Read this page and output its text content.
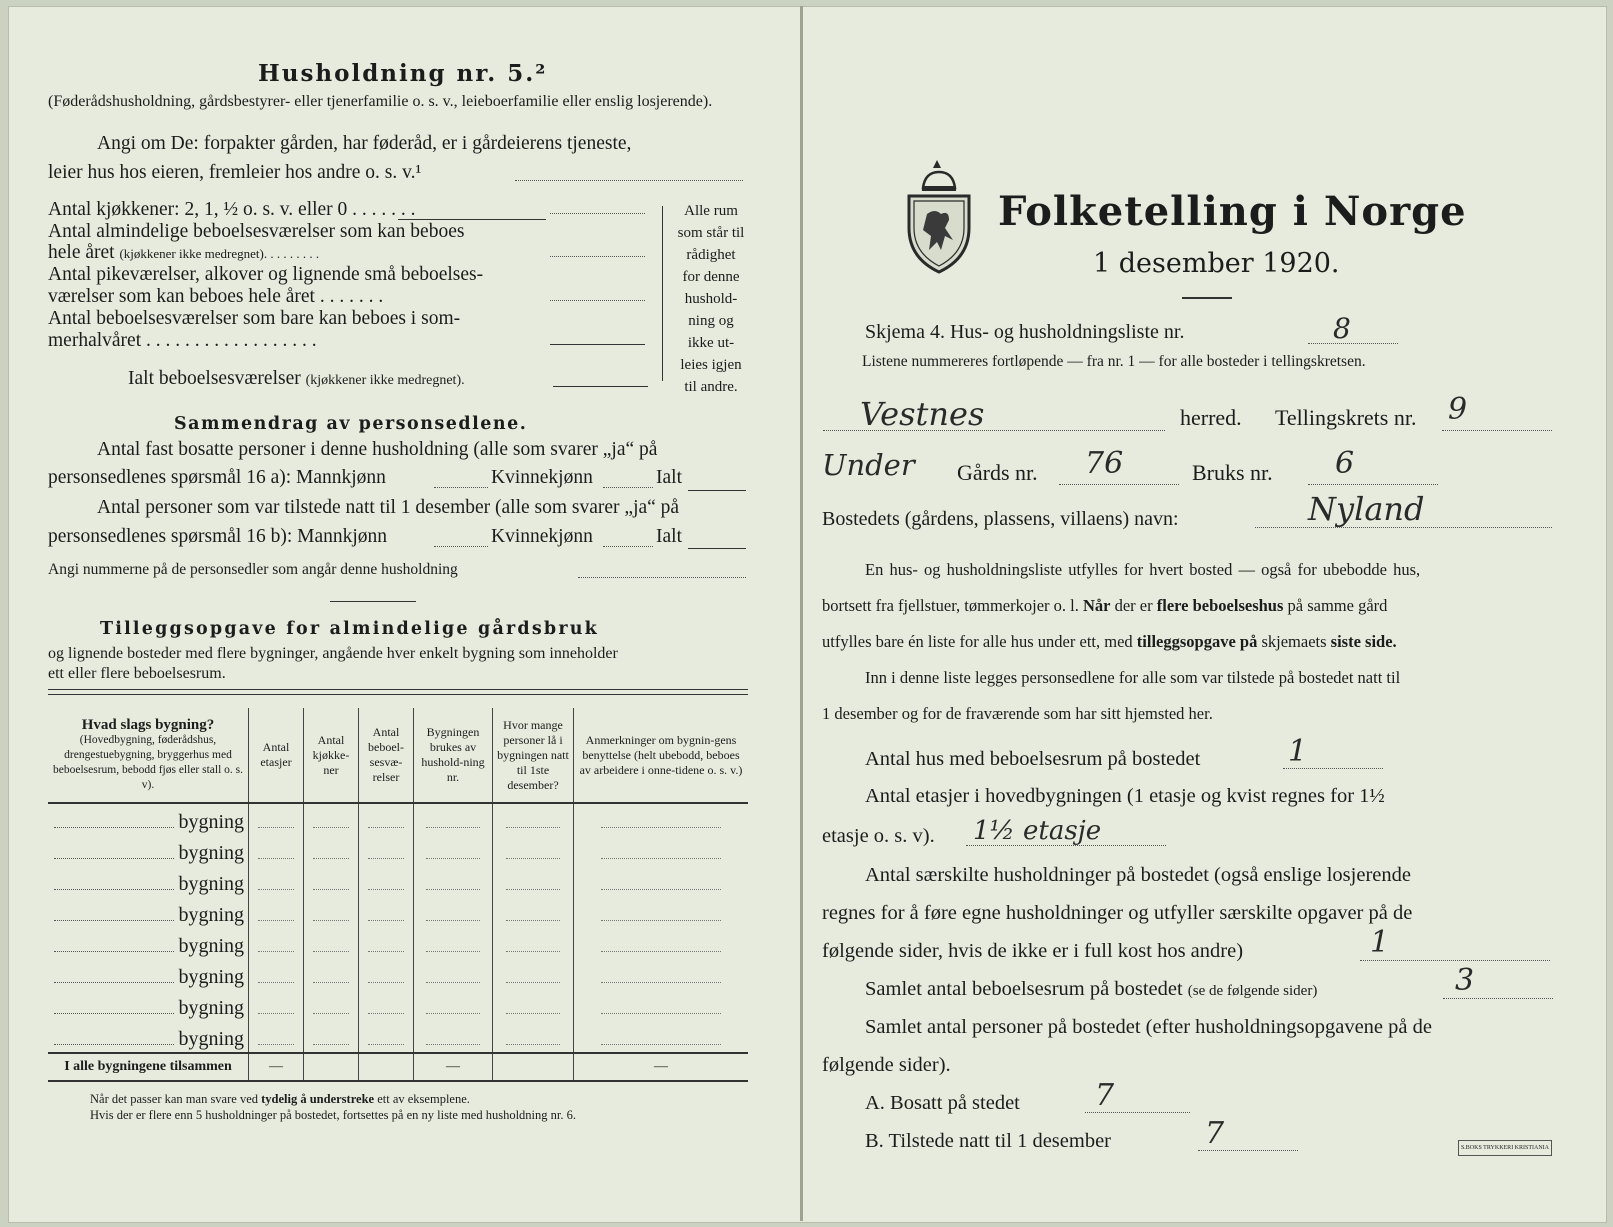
Husholdning nr. 5.²

(Føderådshusholdning, gårdsbestyrer- eller tjenerfamilie o. s. v., leieboerfamilie eller enslig losjerende).

Angi om De: forpakter gården, har føderåd, er i gårdeierens tjeneste,

leier hus hos eieren, fremleier hos andre o. s. v.¹

Antal kjøkkener: 2, 1, ½ o. s. v. eller 0 . . . . . . .

Antal almindelige beboelsesværelser som kan beboes

hele året (kjøkkener ikke medregnet). . . . . . . . .

Antal pikeværelser, alkover og lignende små beboelses-

værelser som kan beboes hele året . . . . . . .

Antal beboelsesværelser som bare kan beboes i som-

merhalvåret . . . . . . . . . . . . . . . . . .

Ialt beboelsesværelser (kjøkkener ikke medregnet).

Alle rum
som står til
rådighet
for denne
hushold-
ning og
ikke ut-
leies igjen
til andre.
Sammendrag av personsedlene.

Antal fast bosatte personer i denne husholdning (alle som svarer „ja“ på

personsedlenes spørsmål 16 a): Mannkjønn	Kvinnekjønn	Ialt

Antal personer som var tilstede natt til 1 desember (alle som svarer „ja“ på

personsedlenes spørsmål 16 b): Mannkjønn	Kvinnekjønn	Ialt

Angi nummerne på de personsedler som angår denne husholdning

Tilleggsopgave for almindelige gårdsbruk

og lignende bosteder med flere bygninger, angående hver enkelt bygning som inneholder

ett eller flere beboelsesrum.

Hvad slags bygning?
(Hovedbygning, føderådshus, drengestuebygning, bryggerhus med beboelsesrum, bebodd fjøs eller stall o. s. v).	Antal etasjer	Antal kjøkke-ner	Antal beboel-sesvæ-relser	Bygningen brukes av hushold-ning nr.	Hvor mange personer lå i bygningen natt til 1ste desember?	Anmerkninger om bygnin-gens benyttelse (helt ubebodd, beboes av arbeidere i onne-tidene o. s. v.)
bygning						
bygning						
bygning						
bygning						
bygning						
bygning						
bygning						
bygning						
I alle bygningene tilsammen	—			—		—

Når det passer kan man svare ved tydelig å understreke ett av eksemplene.

Hvis der er flere enn 5 husholdninger på bostedet, fortsettes på en ny liste med husholdning nr. 6.

Folketelling i Norge

1 desember 1920.

Skjema 4. Hus- og husholdningsliste nr.	8

Listene nummereres fortløpende — fra nr. 1 — for alle bosteder i tellingskretsen.

Vestnes	herred. Tellingskrets nr. 9
Under Gårds nr. 76	Bruks nr. 6
Bostedets (gårdens, plassens, villaens) navn:	Nyland

En hus- og husholdningsliste utfylles for hvert bosted — også for ubebodde hus,

bortsett fra fjellstuer, tømmerkojer o. l. Når der er flere beboelseshus på samme gård

utfylles bare én liste for alle hus under ett, med tilleggsopgave på skjemaets siste side.

Inn i denne liste legges personsedlene for alle som var tilstede på bostedet natt til

1 desember og for de fraværende som har sitt hjemsted her.

Antal hus med beboelsesrum på bostedet	1

Antal etasjer i hovedbygningen (1 etasje og kvist regnes for 1½

etasje o. s. v). 1½ etasje

Antal særskilte husholdninger på bostedet (også enslige losjerende

regnes for å føre egne husholdninger og utfyller særskilte opgaver på de

følgende sider, hvis de ikke er i full kost hos andre)	1

Samlet antal beboelsesrum på bostedet (se de følgende sider)	3

Samlet antal personer på bostedet (efter husholdningsopgavene på de

følgende sider).

A. Bosatt på stedet	7

B. Tilstede natt til 1 desember	7	S.BOKS TRYKKERI KRISTIANIA
